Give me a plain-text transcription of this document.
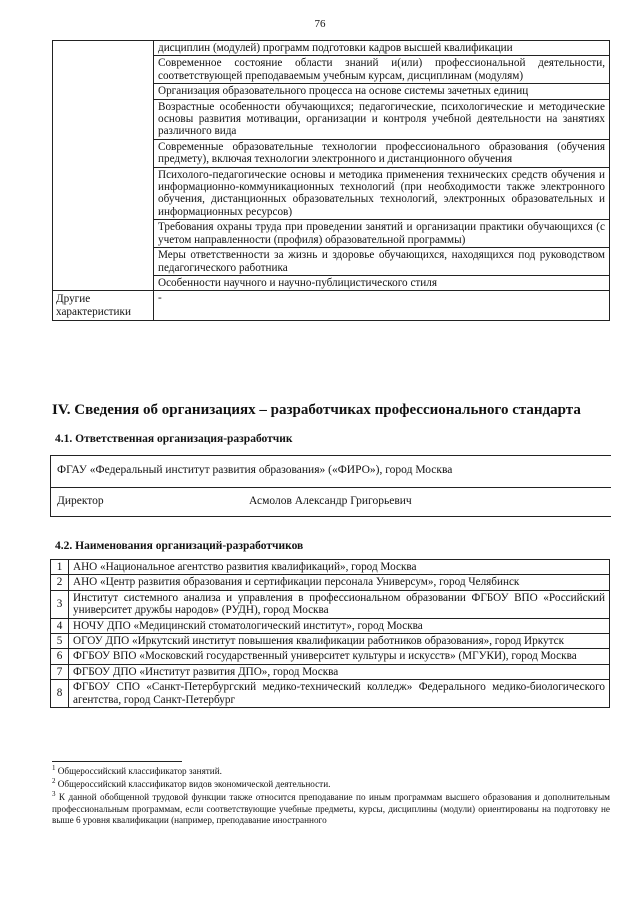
76
	дисциплин (модулей) программ подготовки кадров высшей квалификации
	Современное состояние области знаний и(или) профессиональной деятельности, соответствующей преподаваемым учебным курсам, дисциплинам (модулям)
	Организация образовательного процесса на основе системы зачетных единиц
	Возрастные особенности обучающихся; педагогические, психологические и методические основы развития мотивации, организации и контроля учебной деятельности на занятиях различного вида
	Современные образовательные технологии профессионального образования (обучения предмету), включая технологии электронного и дистанционного обучения
	Психолого-педагогические основы и методика применения технических средств обучения и информационно-коммуникационных технологий (при необходимости также электронного обучения, дистанционных образовательных технологий, электронных образовательных и информационных ресурсов)
	Требования охраны труда при проведении занятий и организации практики обучающихся (с учетом направленности (профиля) образовательной программы)
	Меры ответственности за жизнь и здоровье обучающихся, находящихся под руководством педагогического работника
	Особенности научного и научно-публицистического стиля
Другие характеристики	-
IV. Сведения об организациях – разработчиках профессионального стандарта
4.1. Ответственная организация-разработчик
ФГАУ «Федеральный институт развития образования» («ФИРО»), город Москва
Директор	Асмолов Александр Григорьевич
4.2. Наименования организаций-разработчиков
1	АНО «Национальное агентство развития квалификаций», город Москва
2	АНО «Центр развития образования и сертификации персонала Универсум», город Челябинск
3	Институт системного анализа и управления в профессиональном образовании ФГБОУ ВПО «Российский университет дружбы народов» (РУДН), город Москва
4	НОЧУ ДПО «Медицинский стоматологический институт», город Москва
5	ОГОУ ДПО «Иркутский институт повышения квалификации работников образования», город Иркутск
6	ФГБОУ ВПО «Московский государственный университет культуры и искусств» (МГУКИ), город Москва
7	ФГБОУ ДПО «Институт развития ДПО», город Москва
8	ФГБОУ СПО «Санкт-Петербургский медико-технический колледж» Федерального медико-биологического агентства, город Санкт-Петербург

$^1$ Общероссийский классификатор занятий.

$^2$ Общероссийский классификатор видов экономической деятельности.

$^3$ К данной обобщенной трудовой функции также относится преподавание по иным программам высшего образования и дополнительным профессиональным программам, если соответствующие учебные предметы, курсы, дисциплины (модули) ориентированы на подготовку не выше 6 уровня квалификации (например, преподавание иностранного
